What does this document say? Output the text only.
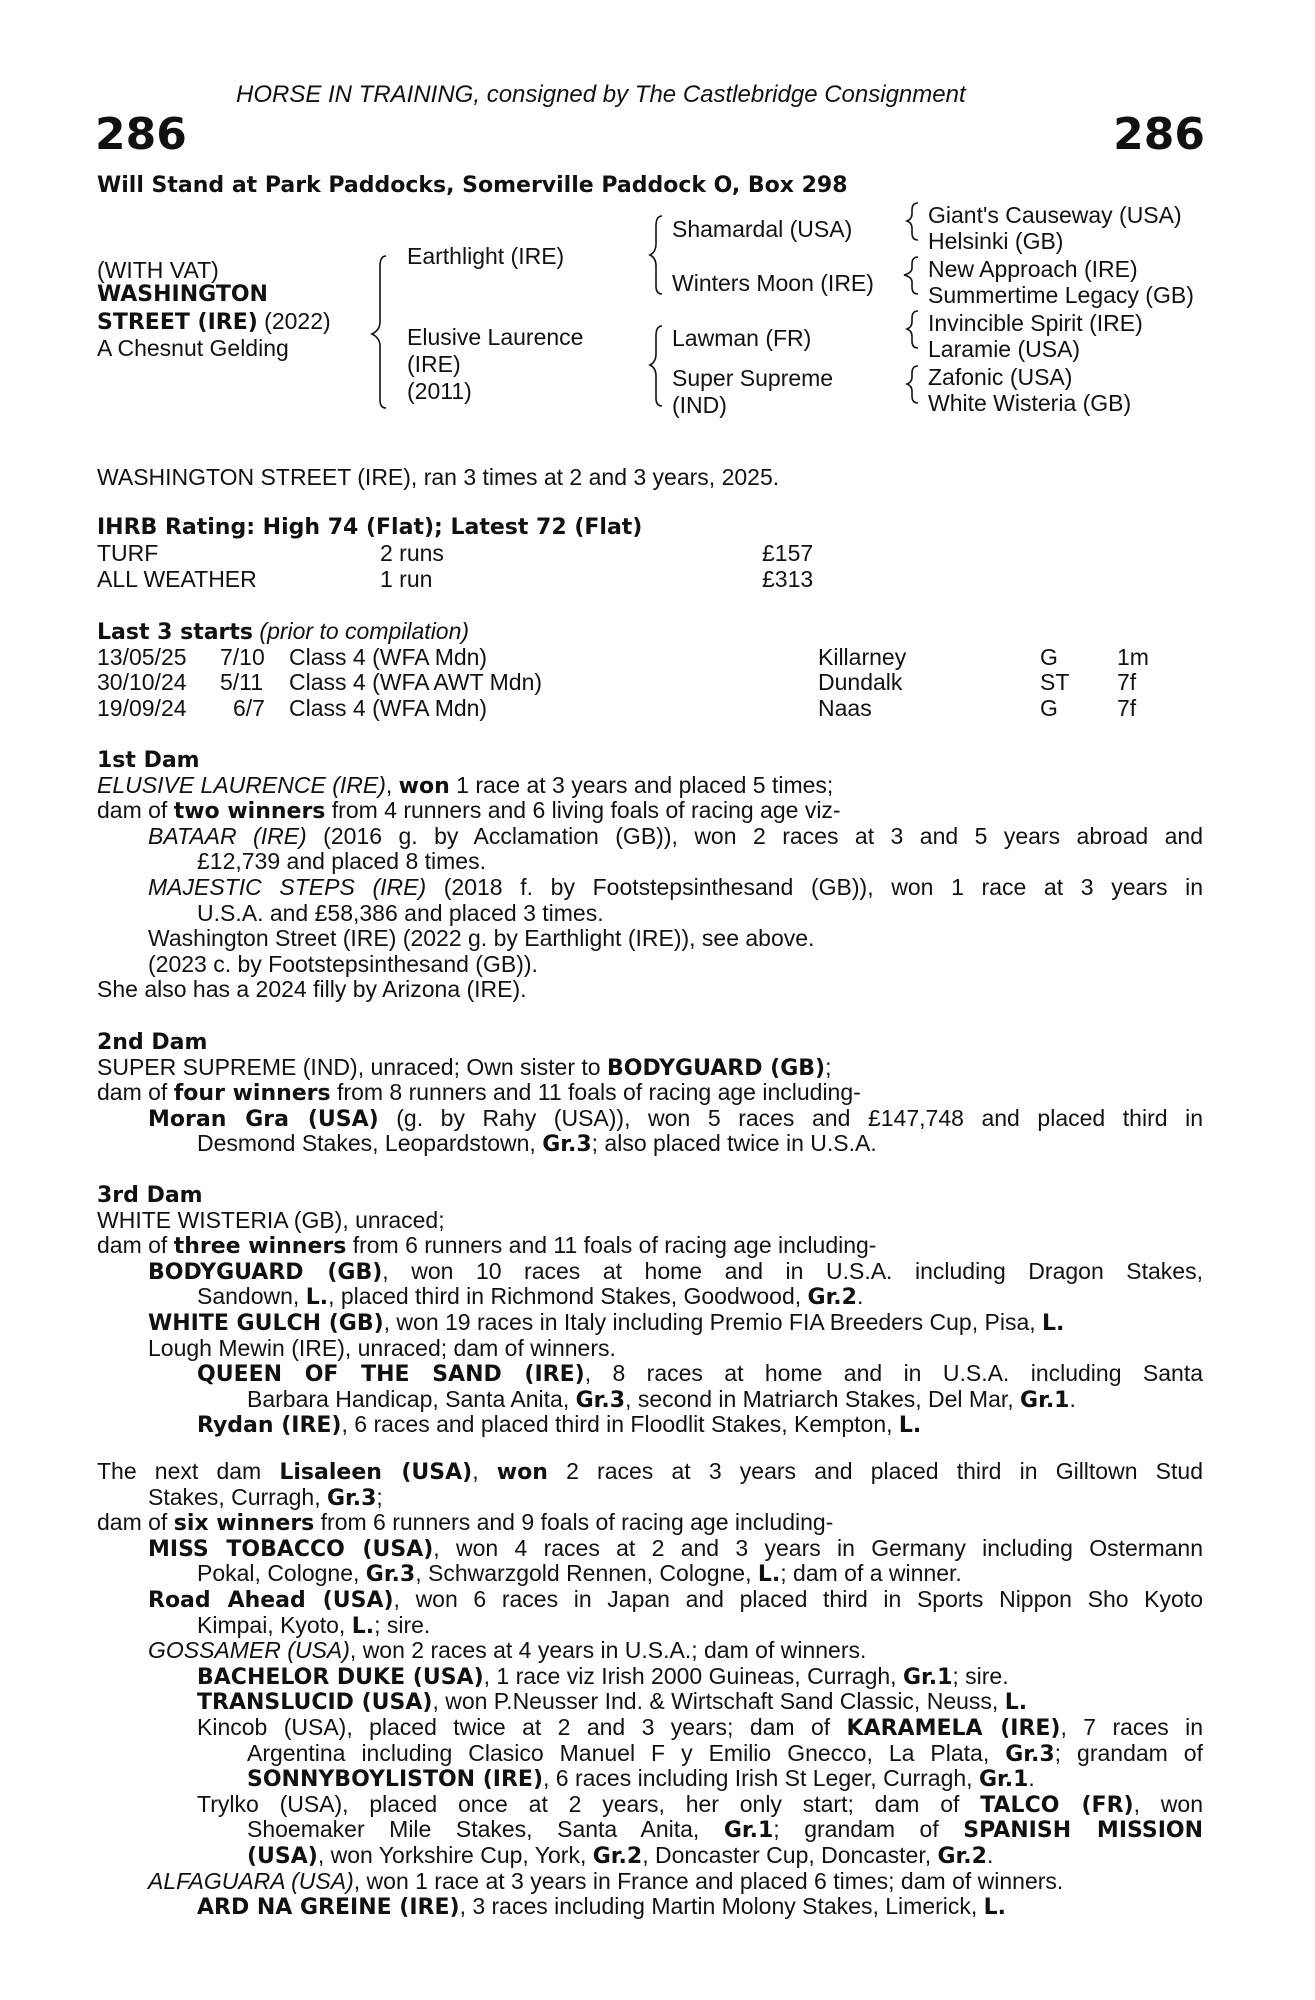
HORSE IN TRAINING, consigned by The Castlebridge Consignment
286	286
Will Stand at Park Paddocks, Somerville Paddock O, Box 298
(WITH VAT)
WASHINGTON
STREET (IRE) (2022)
A Chesnut Gelding
Earthlight (IRE)
Elusive Laurence
(IRE)
(2011)
Shamardal (USA)
Winters Moon (IRE)
Lawman (FR)
Super Supreme
(IND)
Giant's Causeway (USA)
Helsinki (GB)
New Approach (IRE)
Summertime Legacy (GB)
Invincible Spirit (IRE)
Laramie (USA)
Zafonic (USA)
White Wisteria (GB)
WASHINGTON STREET (IRE), ran 3 times at 2 and 3 years, 2025.
IHRB Rating: High 74 (Flat); Latest 72 (Flat)
TURF	2 runs	£157
ALL WEATHER	1 run	£313
Last 3 starts (prior to compilation)
13/05/25 7/10 Class 4 (WFA Mdn)	Killarney	G	1m
30/10/24 5/11 Class 4 (WFA AWT Mdn)	Dundalk	ST 7f
19/09/24 6/7 Class 4 (WFA Mdn)	Naas	G	7f
1st Dam
ELUSIVE LAURENCE (IRE), won 1 race at 3 years and placed 5 times;
dam of two winners from 4 runners and 6 living foals of racing age viz-
BATAAR (IRE) (2016 g. by Acclamation (GB)), won 2 races at 3 and 5 years abroad and
£12,739 and placed 8 times.
MAJESTIC STEPS (IRE) (2018 f. by Footstepsinthesand (GB)), won 1 race at 3 years in
U.S.A. and £58,386 and placed 3 times.
Washington Street (IRE) (2022 g. by Earthlight (IRE)), see above.
(2023 c. by Footstepsinthesand (GB)).
She also has a 2024 filly by Arizona (IRE).
2nd Dam
SUPER SUPREME (IND), unraced; Own sister to BODYGUARD (GB);
dam of four winners from 8 runners and 11 foals of racing age including-
Moran Gra (USA) (g. by Rahy (USA)), won 5 races and £147,748 and placed third in
Desmond Stakes, Leopardstown, Gr.3; also placed twice in U.S.A.
3rd Dam
WHITE WISTERIA (GB), unraced;
dam of three winners from 6 runners and 11 foals of racing age including-
BODYGUARD (GB), won 10 races at home and in U.S.A. including Dragon Stakes,
Sandown, L., placed third in Richmond Stakes, Goodwood, Gr.2.
WHITE GULCH (GB), won 19 races in Italy including Premio FIA Breeders Cup, Pisa, L.
Lough Mewin (IRE), unraced; dam of winners.
QUEEN OF THE SAND (IRE), 8 races at home and in U.S.A. including Santa
Barbara Handicap, Santa Anita, Gr.3, second in Matriarch Stakes, Del Mar, Gr.1.
Rydan (IRE), 6 races and placed third in Floodlit Stakes, Kempton, L.
The next dam Lisaleen (USA), won 2 races at 3 years and placed third in Gilltown Stud
Stakes, Curragh, Gr.3;
dam of six winners from 6 runners and 9 foals of racing age including-
MISS TOBACCO (USA), won 4 races at 2 and 3 years in Germany including Ostermann
Pokal, Cologne, Gr.3, Schwarzgold Rennen, Cologne, L.; dam of a winner.
Road Ahead (USA), won 6 races in Japan and placed third in Sports Nippon Sho Kyoto
Kimpai, Kyoto, L.; sire.
GOSSAMER (USA), won 2 races at 4 years in U.S.A.; dam of winners.
BACHELOR DUKE (USA), 1 race viz Irish 2000 Guineas, Curragh, Gr.1; sire.
TRANSLUCID (USA), won P.Neusser Ind. & Wirtschaft Sand Classic, Neuss, L.
Kincob (USA), placed twice at 2 and 3 years; dam of KARAMELA (IRE), 7 races in
Argentina including Clasico Manuel F y Emilio Gnecco, La Plata, Gr.3; grandam of
SONNYBOYLISTON (IRE), 6 races including Irish St Leger, Curragh, Gr.1.
Trylko (USA), placed once at 2 years, her only start; dam of TALCO (FR), won
Shoemaker Mile Stakes, Santa Anita, Gr.1; grandam of SPANISH MISSION
(USA), won Yorkshire Cup, York, Gr.2, Doncaster Cup, Doncaster, Gr.2.
ALFAGUARA (USA), won 1 race at 3 years in France and placed 6 times; dam of winners.
ARD NA GREINE (IRE), 3 races including Martin Molony Stakes, Limerick, L.
